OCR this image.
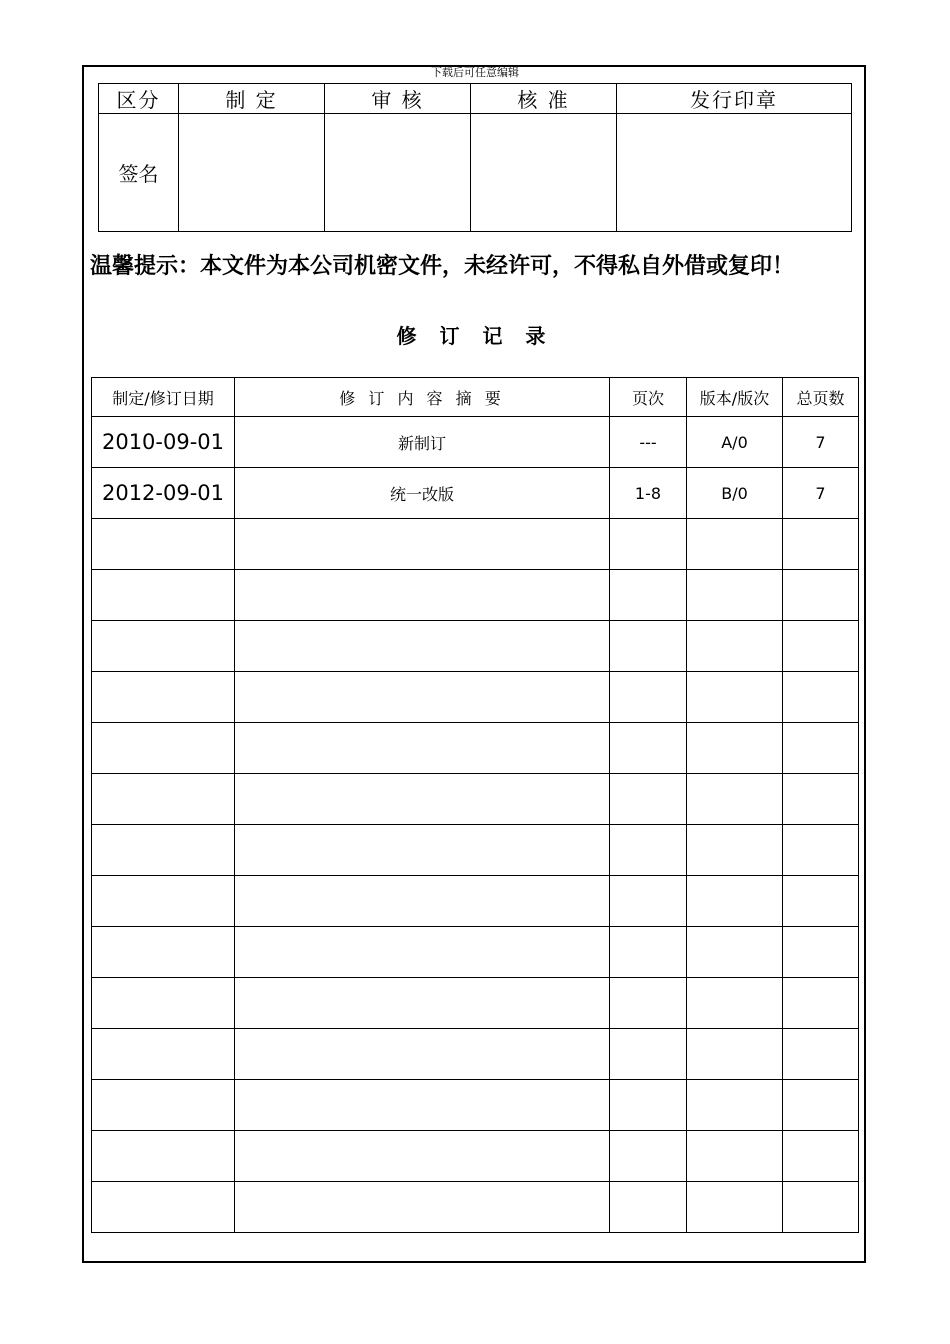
下载后可任意编辑
区分	制 定	审 核	核 准	发行印章
签名				
温馨提示：本文件为本公司机密文件，未经许可，不得私自外借或复印！
修 订 记 录
制定/修订日期	修 订 内 容 摘 要	页次	版本/版次	总页数
2010-09-01	新制订	---	A/0	7
2012-09-01	统一改版	1-8	B/0	7
